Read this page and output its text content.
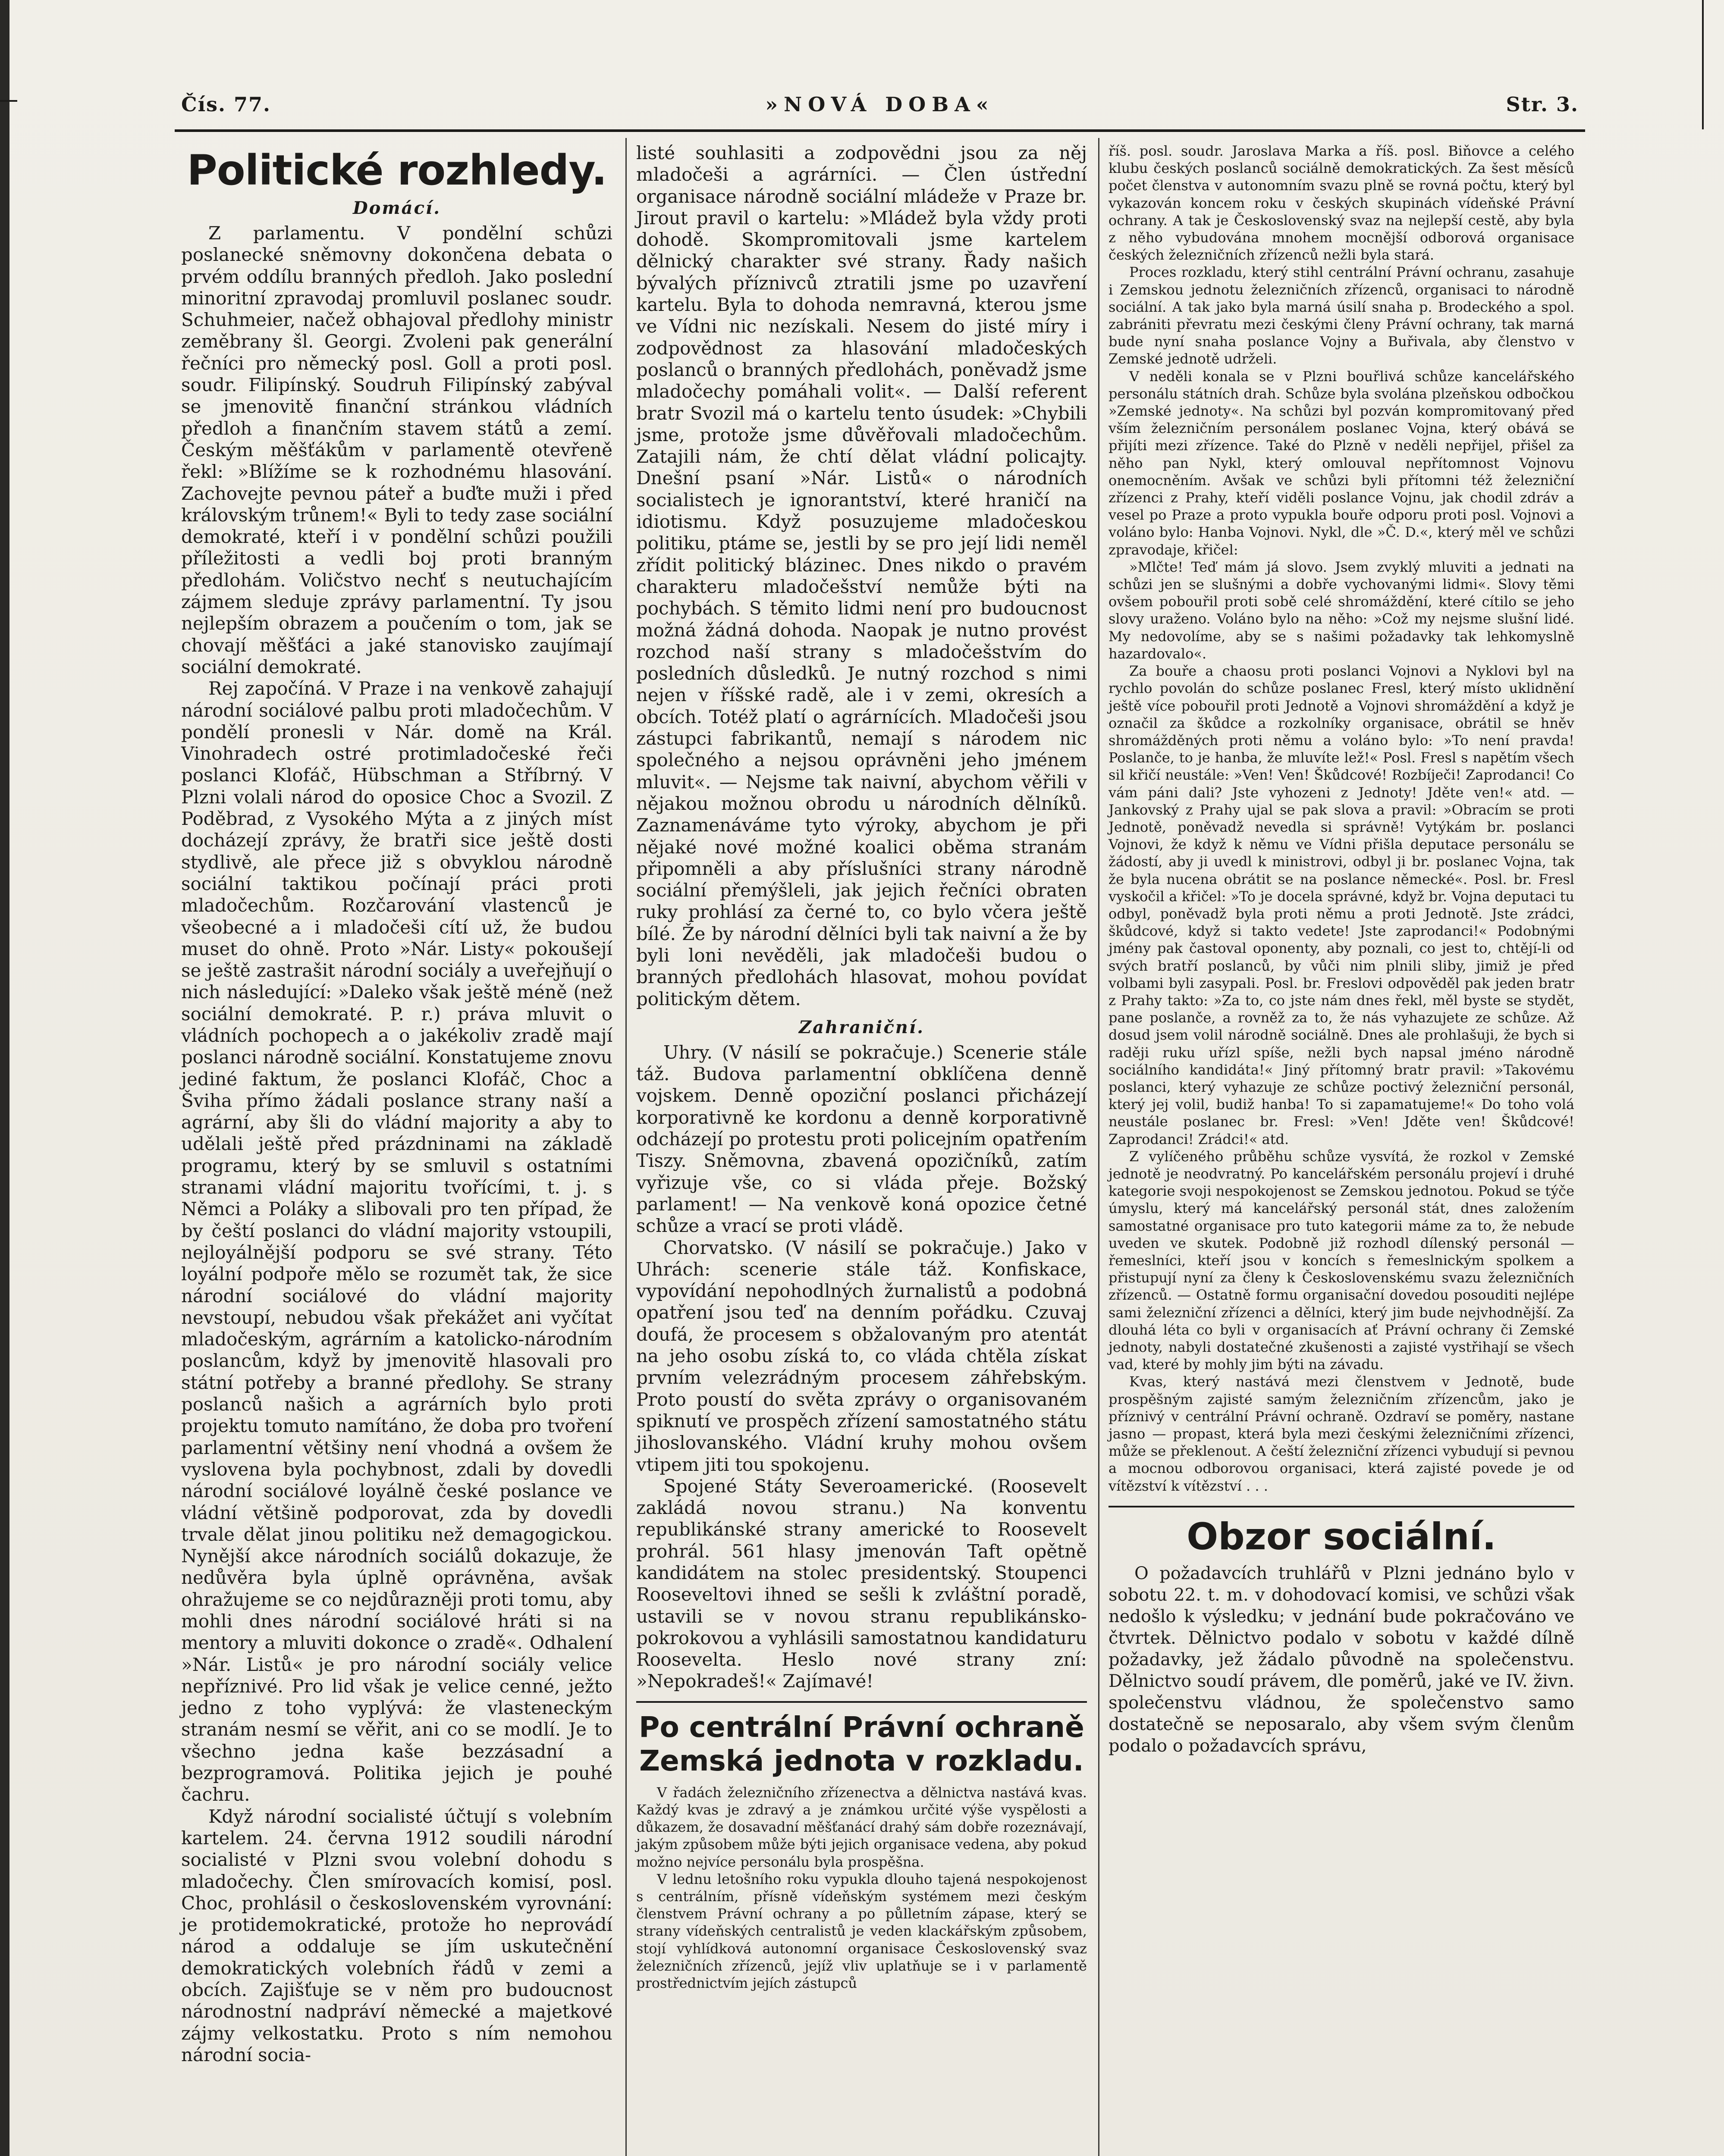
Čís. 77.	»NOVÁ DOBA«	Str. 3.
Politické rozhledy.
Domácí.

Z parlamentu. V pondělní schůzi poslanecké sněmovny dokončena debata o prvém oddílu branných předloh. Jako poslední minoritní zpravodaj promluvil poslanec soudr. Schuhmeier, načež obhajoval předlohy ministr zeměbrany šl. Georgi. Zvoleni pak generální řečníci pro německý posl. Goll a proti posl. soudr. Filipínský. Soudruh Filipínský zabýval se jmenovitě finanční stránkou vládních předloh a finančním stavem států a zemí. Českým měšťákům v parlamentě otevřeně řekl: »Blížíme se k rozhodnému hlasování. Zachovejte pevnou páteř a buďte muži i před královským trůnem!« Byli to tedy zase sociální demokraté, kteří i v pondělní schůzi použili příležitosti a vedli boj proti branným předlohám. Voličstvo nechť s neutuchajícím zájmem sleduje zprávy parlamentní. Ty jsou nejlepším obrazem a poučením o tom, jak se chovají měšťáci a jaké stanovisko zaujímají sociální demokraté.

Rej započíná. V Praze i na venkově zahajují národní sociálové palbu proti mladočechům. V pondělí pronesli v Nár. domě na Král. Vinohradech ostré protimladočeské řeči poslanci Klofáč, Hübschman a Stříbrný. V Plzni volali národ do oposice Choc a Svozil. Z Poděbrad, z Vysokého Mýta a z jiných míst docházejí zprávy, že bratři sice ještě dosti stydlivě, ale přece již s obvyklou národně sociální taktikou počínají práci proti mladočechům. Rozčarování vlastenců je všeobecné a i mladočeši cítí už, že budou muset do ohně. Proto »Nár. Listy« pokoušejí se ještě zastrašit národní sociály a uveřejňují o nich následující: »Daleko však ještě méně (než sociální demokraté. P. r.) práva mluvit o vládních pochopech a o jakékoliv zradě mají poslanci národně sociální. Konstatujeme znovu jediné faktum, že poslanci Klofáč, Choc a Šviha přímo žádali poslance strany naší a agrární, aby šli do vládní majority a aby to udělali ještě před prázdninami na základě programu, který by se smluvil s ostatními stranami vládní majoritu tvořícími, t. j. s Němci a Poláky a slibovali pro ten případ, že by čeští poslanci do vládní majority vstoupili, nejloyálnější podporu se své strany. Této loyální podpoře mělo se rozumět tak, že sice národní sociálové do vládní majority nevstoupí, nebudou však překážet ani vyčítat mladočeským, agrárním a katolicko-národním poslancům, když by jmenovitě hlasovali pro státní potřeby a branné předlohy. Se strany poslanců našich a agrárních bylo proti projektu tomuto namítáno, že doba pro tvoření parlamentní většiny není vhodná a ovšem že vyslovena byla pochybnost, zdali by dovedli národní sociálové loyálně české poslance ve vládní většině podporovat, zda by dovedli trvale dělat jinou politiku než demagogickou. Nynější akce národních sociálů dokazuje, že nedůvěra byla úplně oprávněna, avšak ohražujeme se co nejdůrazněji proti tomu, aby mohli dnes národní sociálové hráti si na mentory a mluviti dokonce o zradě«. Odhalení »Nár. Listů« je pro národní sociály velice nepříznivé. Pro lid však je velice cenné, ježto jedno z toho vyplývá: že vlasteneckým stranám nesmí se věřit, ani co se modlí. Je to všechno jedna kaše bezzásadní a bezprogramová. Politika jejich je pouhé čachru.

Když národní socialisté účtují s volebním kartelem. 24. června 1912 soudili národní socialisté v Plzni svou volební dohodu s mladočechy. Člen smírovacích komisí, posl. Choc, prohlásil o československém vyrovnání: je protidemokratické, protože ho neprovádí národ a oddaluje se jím uskutečnění demokratických volebních řádů v zemi a obcích. Zajišťuje se v něm pro budoucnost národnostní nadpráví německé a majetkové zájmy velkostatku. Proto s ním nemohou národní socia-

listé souhlasiti a zodpovědni jsou za něj mladočeši a agrárníci. — Člen ústřední organisace národně sociální mládeže v Praze br. Jirout pravil o kartelu: »Mládež byla vždy proti dohodě. Skompromitovali jsme kartelem dělnický charakter své strany. Řady našich bývalých příznivců ztratili jsme po uzavření kartelu. Byla to dohoda nemravná, kterou jsme ve Vídni nic nezískali. Nesem do jisté míry i zodpovědnost za hlasování mladočeských poslanců o branných předlohách, poněvadž jsme mladočechy pomáhali volit«. — Další referent bratr Svozil má o kartelu tento úsudek: »Chybili jsme, protože jsme důvěřovali mladočechům. Zatajili nám, že chtí dělat vládní policajty. Dnešní psaní »Nár. Listů« o národních socialistech je ignorantství, které hraničí na idiotismu. Když posuzujeme mladočeskou politiku, ptáme se, jestli by se pro její lidi neměl zřídit politický blázinec. Dnes nikdo o pravém charakteru mladočešství nemůže býti na pochybách. S těmito lidmi není pro budoucnost možná žádná dohoda. Naopak je nutno provést rozchod naší strany s mladočešstvím do posledních důsledků. Je nutný rozchod s nimi nejen v říšské radě, ale i v zemi, okresích a obcích. Totéž platí o agrárnících. Mladočeši jsou zástupci fabrikantů, nemají s národem nic společného a nejsou oprávněni jeho jménem mluvit«. — Nejsme tak naivní, abychom věřili v nějakou možnou obrodu u národních dělníků. Zaznamenáváme tyto výroky, abychom je při nějaké nové možné koalici oběma stranám připomněli a aby příslušníci strany národně sociální přemýšleli, jak jejich řečníci obraten ruky prohlásí za černé to, co bylo včera ještě bílé. Že by národní dělníci byli tak naivní a že by byli loni nevěděli, jak mladočeši budou o branných předlohách hlasovat, mohou povídat politickým dětem.

Zahraniční.

Uhry. (V násilí se pokračuje.) Scenerie stále táž. Budova parlamentní obklíčena denně vojskem. Denně opoziční poslanci přicházejí korporativně ke kordonu a denně korporativně odcházejí po protestu proti policejním opatřením Tiszy. Sněmovna, zbavená opozičníků, zatím vyřizuje vše, co si vláda přeje. Božský parlament! — Na venkově koná opozice četné schůze a vrací se proti vládě.

Chorvatsko. (V násilí se pokračuje.) Jako v Uhrách: scenerie stále táž. Konfiskace, vypovídání nepohodlných žurnalistů a podobná opatření jsou teď na denním pořádku. Czuvaj doufá, že procesem s obžalovaným pro atentát na jeho osobu získá to, co vláda chtěla získat prvním velezrádným procesem záhřebským. Proto poustí do světa zprávy o organisovaném spiknutí ve prospěch zřízení samostatného státu jihoslovanského. Vládní kruhy mohou ovšem vtipem jiti tou spokojenu.

Spojené Státy Severoamerické. (Roosevelt zakládá novou stranu.) Na konventu republikánské strany americké to Roosevelt prohrál. 561 hlasy jmenován Taft opětně kandidátem na stolec presidentský. Stoupenci Rooseveltovi ihned se sešli k zvláštní poradě, ustavili se v novou stranu republikánsko-pokrokovou a vyhlásili samostatnou kandidaturu Roosevelta. Heslo nové strany zní: »Nepokradeš!« Zajímavé!

Po centrální Právní ochraně Zemská jednota v rozkladu.

V řadách železničního zřízenectva a dělnictva nastává kvas. Každý kvas je zdravý a je známkou určité výše vyspělosti a důkazem, že dosavadní měšťanácí drahý sám dobře rozeznávají, jakým způsobem může býti jejich organisace vedena, aby pokud možno nejvíce personálu byla prospěšna.

V lednu letošního roku vypukla dlouho tajená nespokojenost s centrálním, přísně vídeňským systémem mezi českým členstvem Právní ochrany a po půlletním zápase, který se strany vídeňských centralistů je veden klackářským způsobem, stojí vyhlídková autonomní organisace Československý svaz železničních zřízenců, jejíž vliv uplatňuje se i v parlamentě prostřednictvím jejích zástupců

říš. posl. soudr. Jaroslava Marka a říš. posl. Biňovce a celého klubu českých poslanců sociálně demokratických. Za šest měsíců počet členstva v autonomním svazu plně se rovná počtu, který byl vykazován koncem roku v českých skupinách vídeňské Právní ochrany. A tak je Československý svaz na nejlepší cestě, aby byla z něho vybudována mnohem mocnější odborová organisace českých železničních zřízenců nežli byla stará.

Proces rozkladu, který stihl centrální Právní ochranu, zasahuje i Zemskou jednotu železničních zřízenců, organisaci to národně sociální. A tak jako byla marná úsilí snaha p. Brodeckého a spol. zabrániti převratu mezi českými členy Právní ochrany, tak marná bude nyní snaha poslance Vojny a Buřivala, aby členstvo v Zemské jednotě udrželi.

V neděli konala se v Plzni bouřlivá schůze kancelářského personálu státních drah. Schůze byla svolána plzeňskou odbočkou »Zemské jednoty«. Na schůzi byl pozván kompromitovaný před vším železničním personálem poslanec Vojna, který obává se přijíti mezi zřízence. Také do Plzně v neděli nepřijel, přišel za něho pan Nykl, který omlouval nepřítomnost Vojnovu onemocněním. Avšak ve schůzi byli přítomni též železniční zřízenci z Prahy, kteří viděli poslance Vojnu, jak chodil zdráv a vesel po Praze a proto vypukla bouře odporu proti posl. Vojnovi a voláno bylo: Hanba Vojnovi. Nykl, dle »Č. D.«, který měl ve schůzi zpravodaje, křičel:

»Mlčte! Teď mám já slovo. Jsem zvyklý mluviti a jednati na schůzi jen se slušnými a dobře vychovanými lidmi«. Slovy těmi ovšem pobouřil proti sobě celé shromáždění, které cítilo se jeho slovy uraženo. Voláno bylo na něho: »Což my nejsme slušní lidé. My nedovolíme, aby se s našimi požadavky tak lehkomyslně hazardovalo«.

Za bouře a chaosu proti poslanci Vojnovi a Nyklovi byl na rychlo povolán do schůze poslanec Fresl, který místo uklidnění ještě více pobouřil proti Jednotě a Vojnovi shromáždění a když je označil za škůdce a rozkolníky organisace, obrátil se hněv shromážděných proti němu a voláno bylo: »To není pravda! Poslanče, to je hanba, že mluvíte lež!« Posl. Fresl s napětím všech sil křičí neustále: »Ven! Ven! Škůdcové! Rozbíječi! Zaprodanci! Co vám páni dali? Jste vyhozeni z Jednoty! Jděte ven!« atd. — Jankovský z Prahy ujal se pak slova a pravil: »Obracím se proti Jednotě, poněvadž nevedla si správně! Vytýkám br. poslanci Vojnovi, že když k němu ve Vídni přišla deputace personálu se žádostí, aby ji uvedl k ministrovi, odbyl ji br. poslanec Vojna, tak že byla nucena obrátit se na poslance německé«. Posl. br. Fresl vyskočil a křičel: »To je docela správné, když br. Vojna deputaci tu odbyl, poněvadž byla proti němu a proti Jednotě. Jste zrádci, škůdcové, když si takto vedete! Jste zaprodanci!« Podobnými jmény pak častoval oponenty, aby poznali, co jest to, chtějí-li od svých bratří poslanců, by vůči nim plnili sliby, jimiž je před volbami byli zasypali. Posl. br. Freslovi odpověděl pak jeden bratr z Prahy takto: »Za to, co jste nám dnes řekl, měl byste se stydět, pane poslanče, a rovněž za to, že nás vyhazujete ze schůze. Až dosud jsem volil národně sociálně. Dnes ale prohlašuji, že bych si raději ruku uřízl spíše, nežli bych napsal jméno národně sociálního kandidáta!« Jiný přítomný bratr pravil: »Takovému poslanci, který vyhazuje ze schůze poctivý železniční personál, který jej volil, budiž hanba! To si zapamatujeme!« Do toho volá neustále poslanec br. Fresl: »Ven! Jděte ven! Škůdcové! Zaprodanci! Zrádci!« atd.

Z vylíčeného průběhu schůze vysvítá, že rozkol v Zemské jednotě je neodvratný. Po kancelářském personálu projeví i druhé kategorie svoji nespokojenost se Zemskou jednotou. Pokud se týče úmyslu, který má kancelářský personál stát, dnes založením samostatné organisace pro tuto kategorii máme za to, že nebude uveden ve skutek. Podobně již rozhodl dílenský personál — řemeslníci, kteří jsou v koncích s řemeslnickým spolkem a přistupují nyní za členy k Československému svazu železničních zřízenců. — Ostatně formu organisační dovedou posouditi nejlépe sami železniční zřízenci a dělníci, který jim bude nejvhodnější. Za dlouhá léta co byli v organisacích ať Právní ochrany či Zemské jednoty, nabyli dostatečné zkušenosti a zajisté vystřihají se všech vad, které by mohly jim býti na závadu.

Kvas, který nastává mezi členstvem v Jednotě, bude prospěšným zajisté samým železničním zřízencům, jako je příznivý v centrální Právní ochraně. Ozdraví se poměry, nastane jasno — propast, která byla mezi českými železničními zřízenci, může se překlenout. A čeští železniční zřízenci vybudují si pevnou a mocnou odborovou organisaci, která zajisté povede je od vítězství k vítězství . . .

Obzor sociální.

O požadavcích truhlářů v Plzni jednáno bylo v sobotu 22. t. m. v dohodovací komisi, ve schůzi však nedošlo k výsledku; v jednání bude pokračováno ve čtvrtek. Dělnictvo podalo v sobotu v každé dílně požadavky, jež žádalo původně na společenstvu. Dělnictvo soudí právem, dle poměrů, jaké ve IV. živn. společenstvu vládnou, že společenstvo samo dostatečně se neposaralo, aby všem svým členům podalo o požadavcích správu,
